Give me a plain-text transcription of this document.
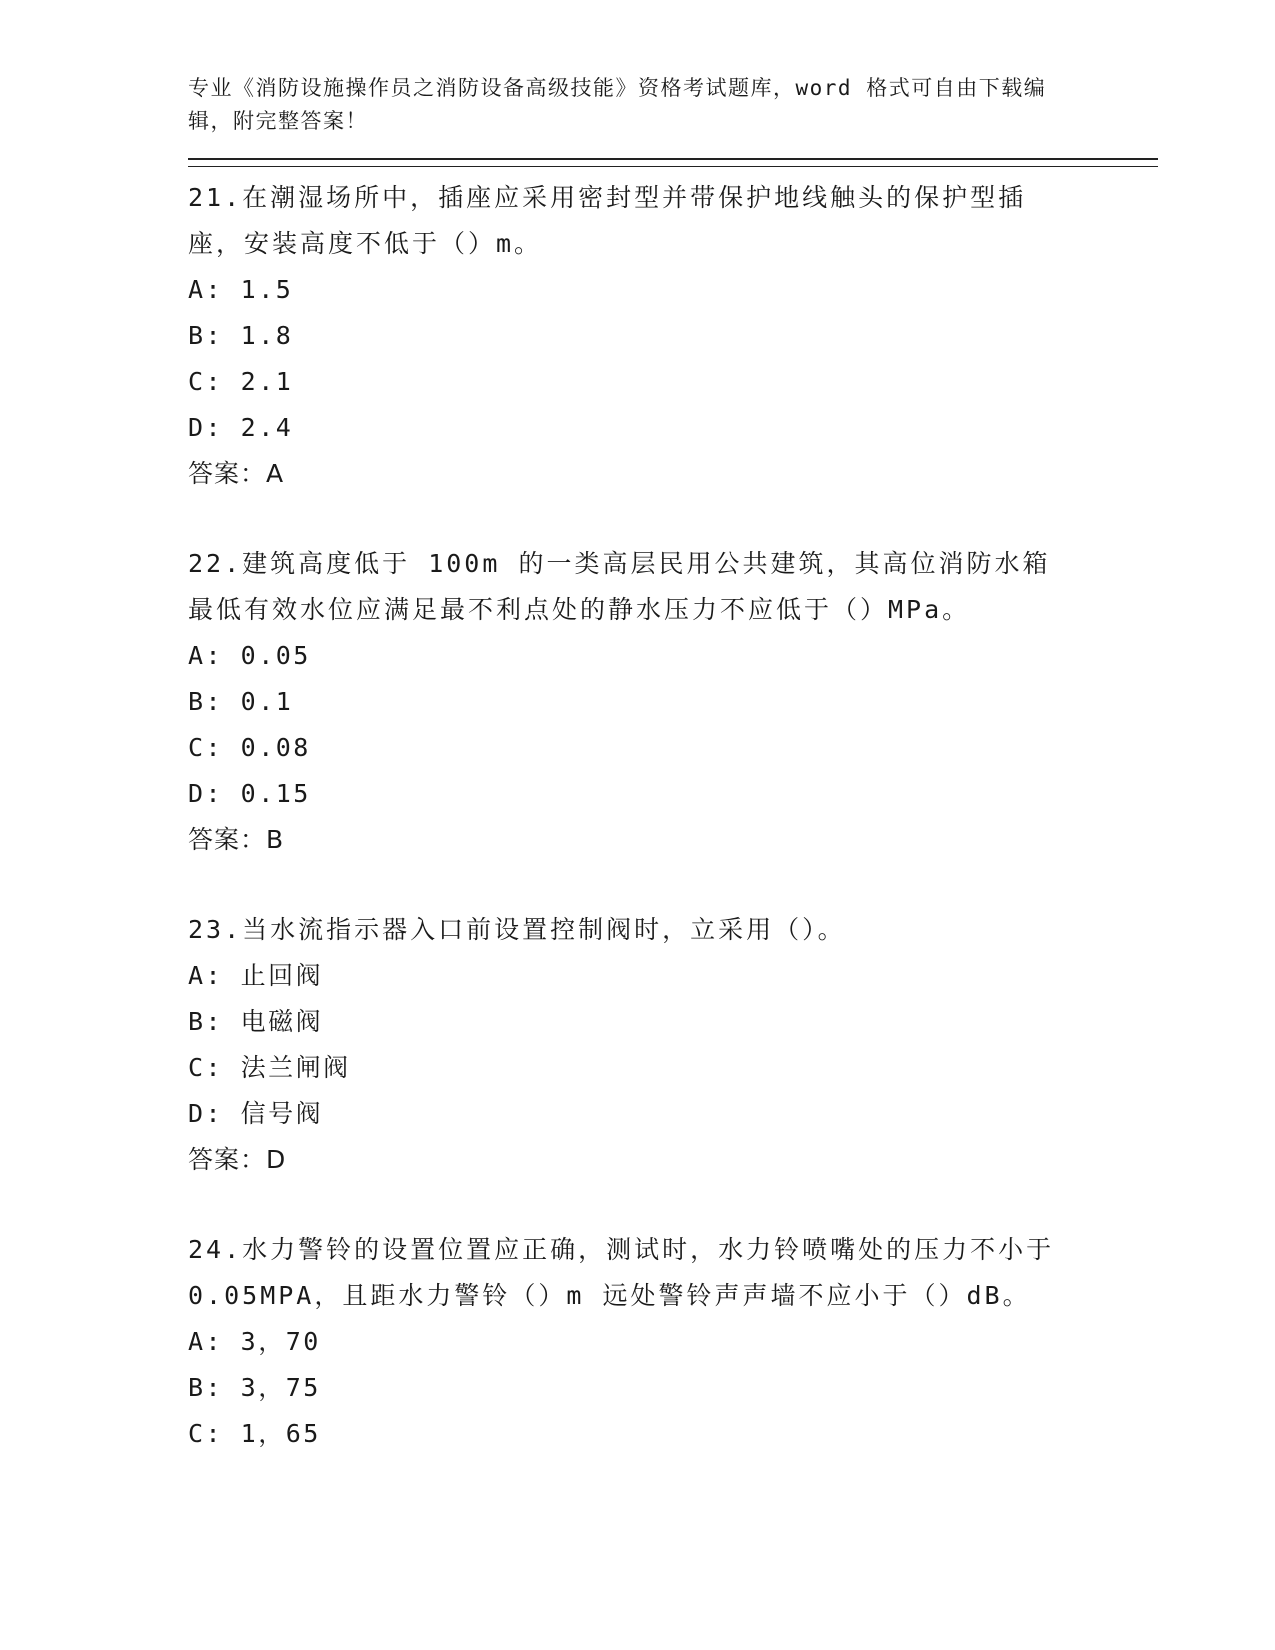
专业《消防设施操作员之消防设备高级技能》资格考试题库，word 格式可自由下载编辑，附完整答案！

21.在潮湿场所中，插座应采用密封型并带保护地线触头的保护型插座，安装高度不低于（）m。

A: 1.5

B: 1.8

C: 2.1

D: 2.4

答案：A

22.建筑高度低于 100m 的一类高层民用公共建筑，其高位消防水箱最低有效水位应满足最不利点处的静水压力不应低于（）MPa。

A: 0.05

B: 0.1

C: 0.08

D: 0.15

答案：B

23.当水流指示器入口前设置控制阀时，立采用（）。

A: 止回阀

B: 电磁阀

C: 法兰闸阀

D: 信号阀

答案：D

24.水力警铃的设置位置应正确，测试时，水力铃喷嘴处的压力不小于 0.05MPA，且距水力警铃（）m 远处警铃声声墙不应小于（）dB。

A: 3，70

B: 3，75

C: 1，65
